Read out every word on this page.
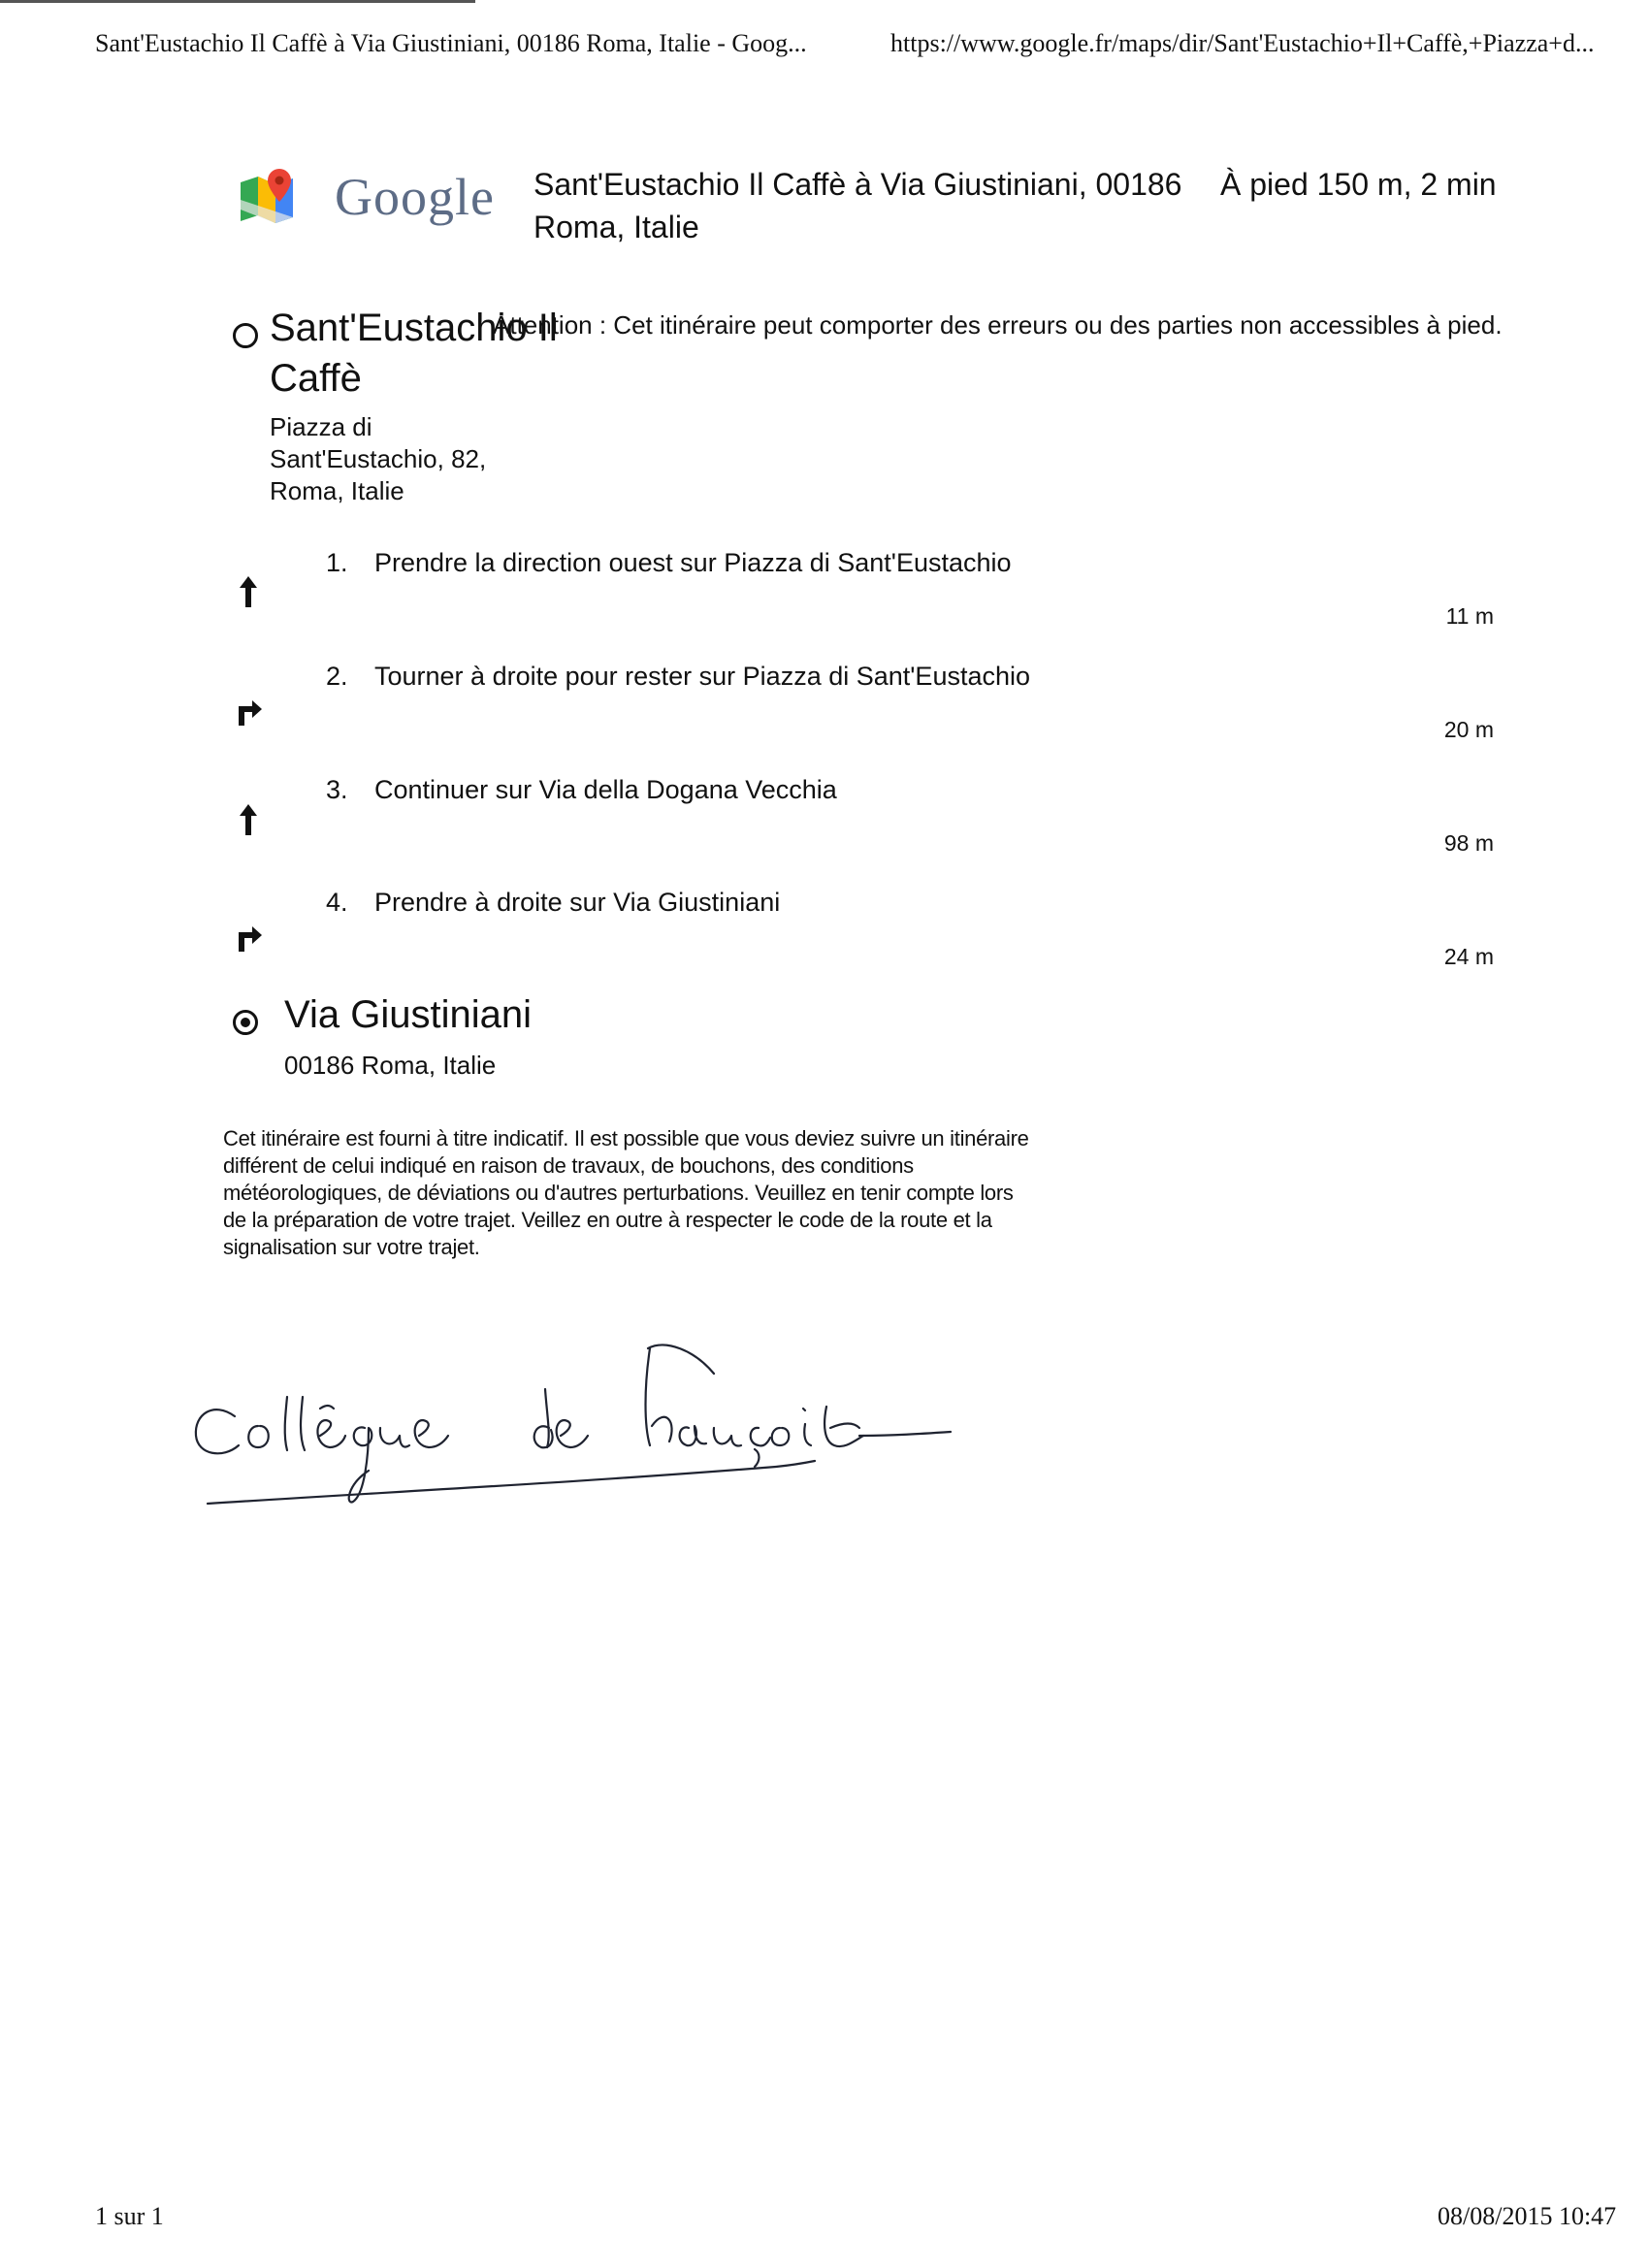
Sant'Eustachio Il Caffè à Via Giustiniani, 00186 Roma, Italie - Goog...	https://www.google.fr/maps/dir/Sant'Eustachio+Il+Caffè,+Piazza+d...
Google Sant'Eustachio Il Caffè à Via Giustiniani, 00186 Roma, Italie
À pied 150 m, 2 min
Sant'Eustachio Il Caffè
Attention : Cet itinéraire peut comporter des erreurs ou des parties non accessibles à pied.
Piazza di
Sant'Eustachio, 82,
Roma, Italie
1. Prendre la direction ouest sur Piazza di Sant'Eustachio
11 m
2. Tourner à droite pour rester sur Piazza di Sant'Eustachio
20 m
3. Continuer sur Via della Dogana Vecchia
98 m
4. Prendre à droite sur Via Giustiniani
24 m
Via Giustiniani
00186 Roma, Italie
Cet itinéraire est fourni à titre indicatif. Il est possible que vous deviez suivre un itinéraire différent de celui indiqué en raison de travaux, de bouchons, des conditions météorologiques, de déviations ou d'autres perturbations. Veuillez en tenir compte lors de la préparation de votre trajet. Veillez en outre à respecter le code de la route et la signalisation sur votre trajet.
1 sur 1	08/08/2015 10:47
